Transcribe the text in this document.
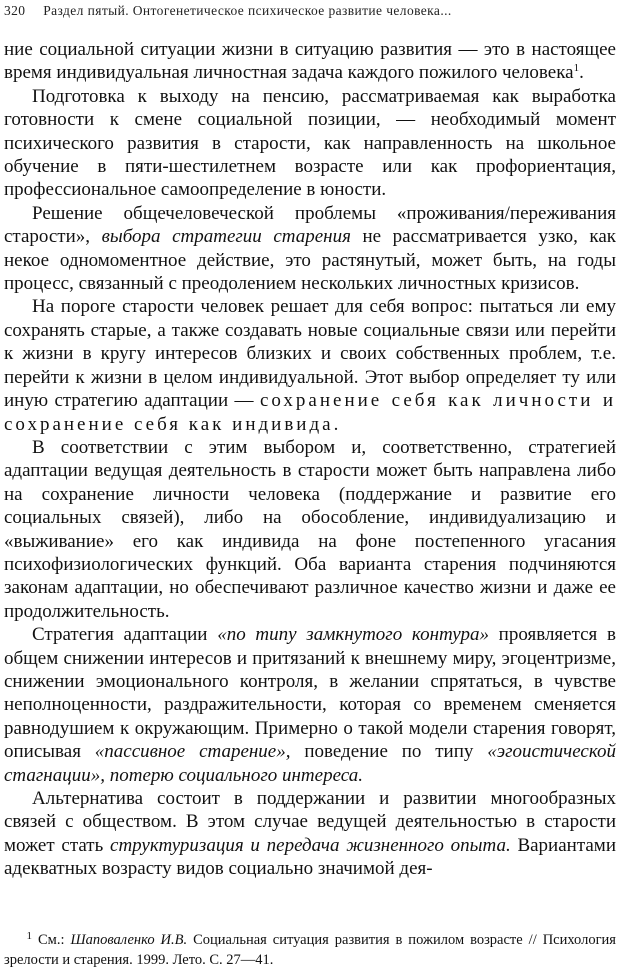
320 Раздел пятый. Онтогенетическое психическое развитие человека...

ние социальной ситуации жизни в ситуацию развития — это в настоящее время индивидуальная личностная задача каждого пожилого человека$^1$.

Подготовка к выходу на пенсию, рассматриваемая как выработка готовности к смене социальной позиции, — необходимый момент психического развития в старости, как направленность на школьное обучение в пяти-шестилетнем возрасте или как профориентация, профессиональное самоопределение в юности.

Решение общечеловеческой проблемы «проживания/переживания старости», выбора стратегии старения не рассматривается узко, как некое одномоментное действие, это растянутый, может быть, на годы процесс, связанный с преодолением нескольких личностных кризисов.

На пороге старости человек решает для себя вопрос: пытаться ли ему сохранять старые, а также создавать новые социальные связи или перейти к жизни в кругу интересов близких и своих собственных проблем, т.е. перейти к жизни в целом индивидуальной. Этот выбор определяет ту или иную стратегию адаптации — сохранение себя как личности и сохранение себя как индивида.

В соответствии с этим выбором и, соответственно, стратегией адаптации ведущая деятельность в старости может быть направлена либо на сохранение личности человека (поддержание и развитие его социальных связей), либо на обособление, индивидуализацию и «выживание» его как индивида на фоне постепенного угасания психофизиологических функций. Оба варианта старения подчиняются законам адаптации, но обеспечивают различное качество жизни и даже ее продолжительность.

Стратегия адаптации «по типу замкнутого контура» проявляется в общем снижении интересов и притязаний к внешнему миру, эгоцентризме, снижении эмоционального контроля, в желании спрятаться, в чувстве неполноценности, раздражительности, которая со временем сменяется равнодушием к окружающим. Примерно о такой модели старения говорят, описывая «пассивное старение», поведение по типу «эгоистической стагнации», потерю социального интереса.

Альтернатива состоит в поддержании и развитии многообразных связей с обществом. В этом случае ведущей деятельностью в старости может стать структуризация и передача жизненного опыта. Вариантами адекватных возрасту видов социально значимой дея-

1 См.: Шаповаленко И.В. Социальная ситуация развития в пожилом возрасте // Психология зрелости и старения. 1999. Лето. С. 27—41.
